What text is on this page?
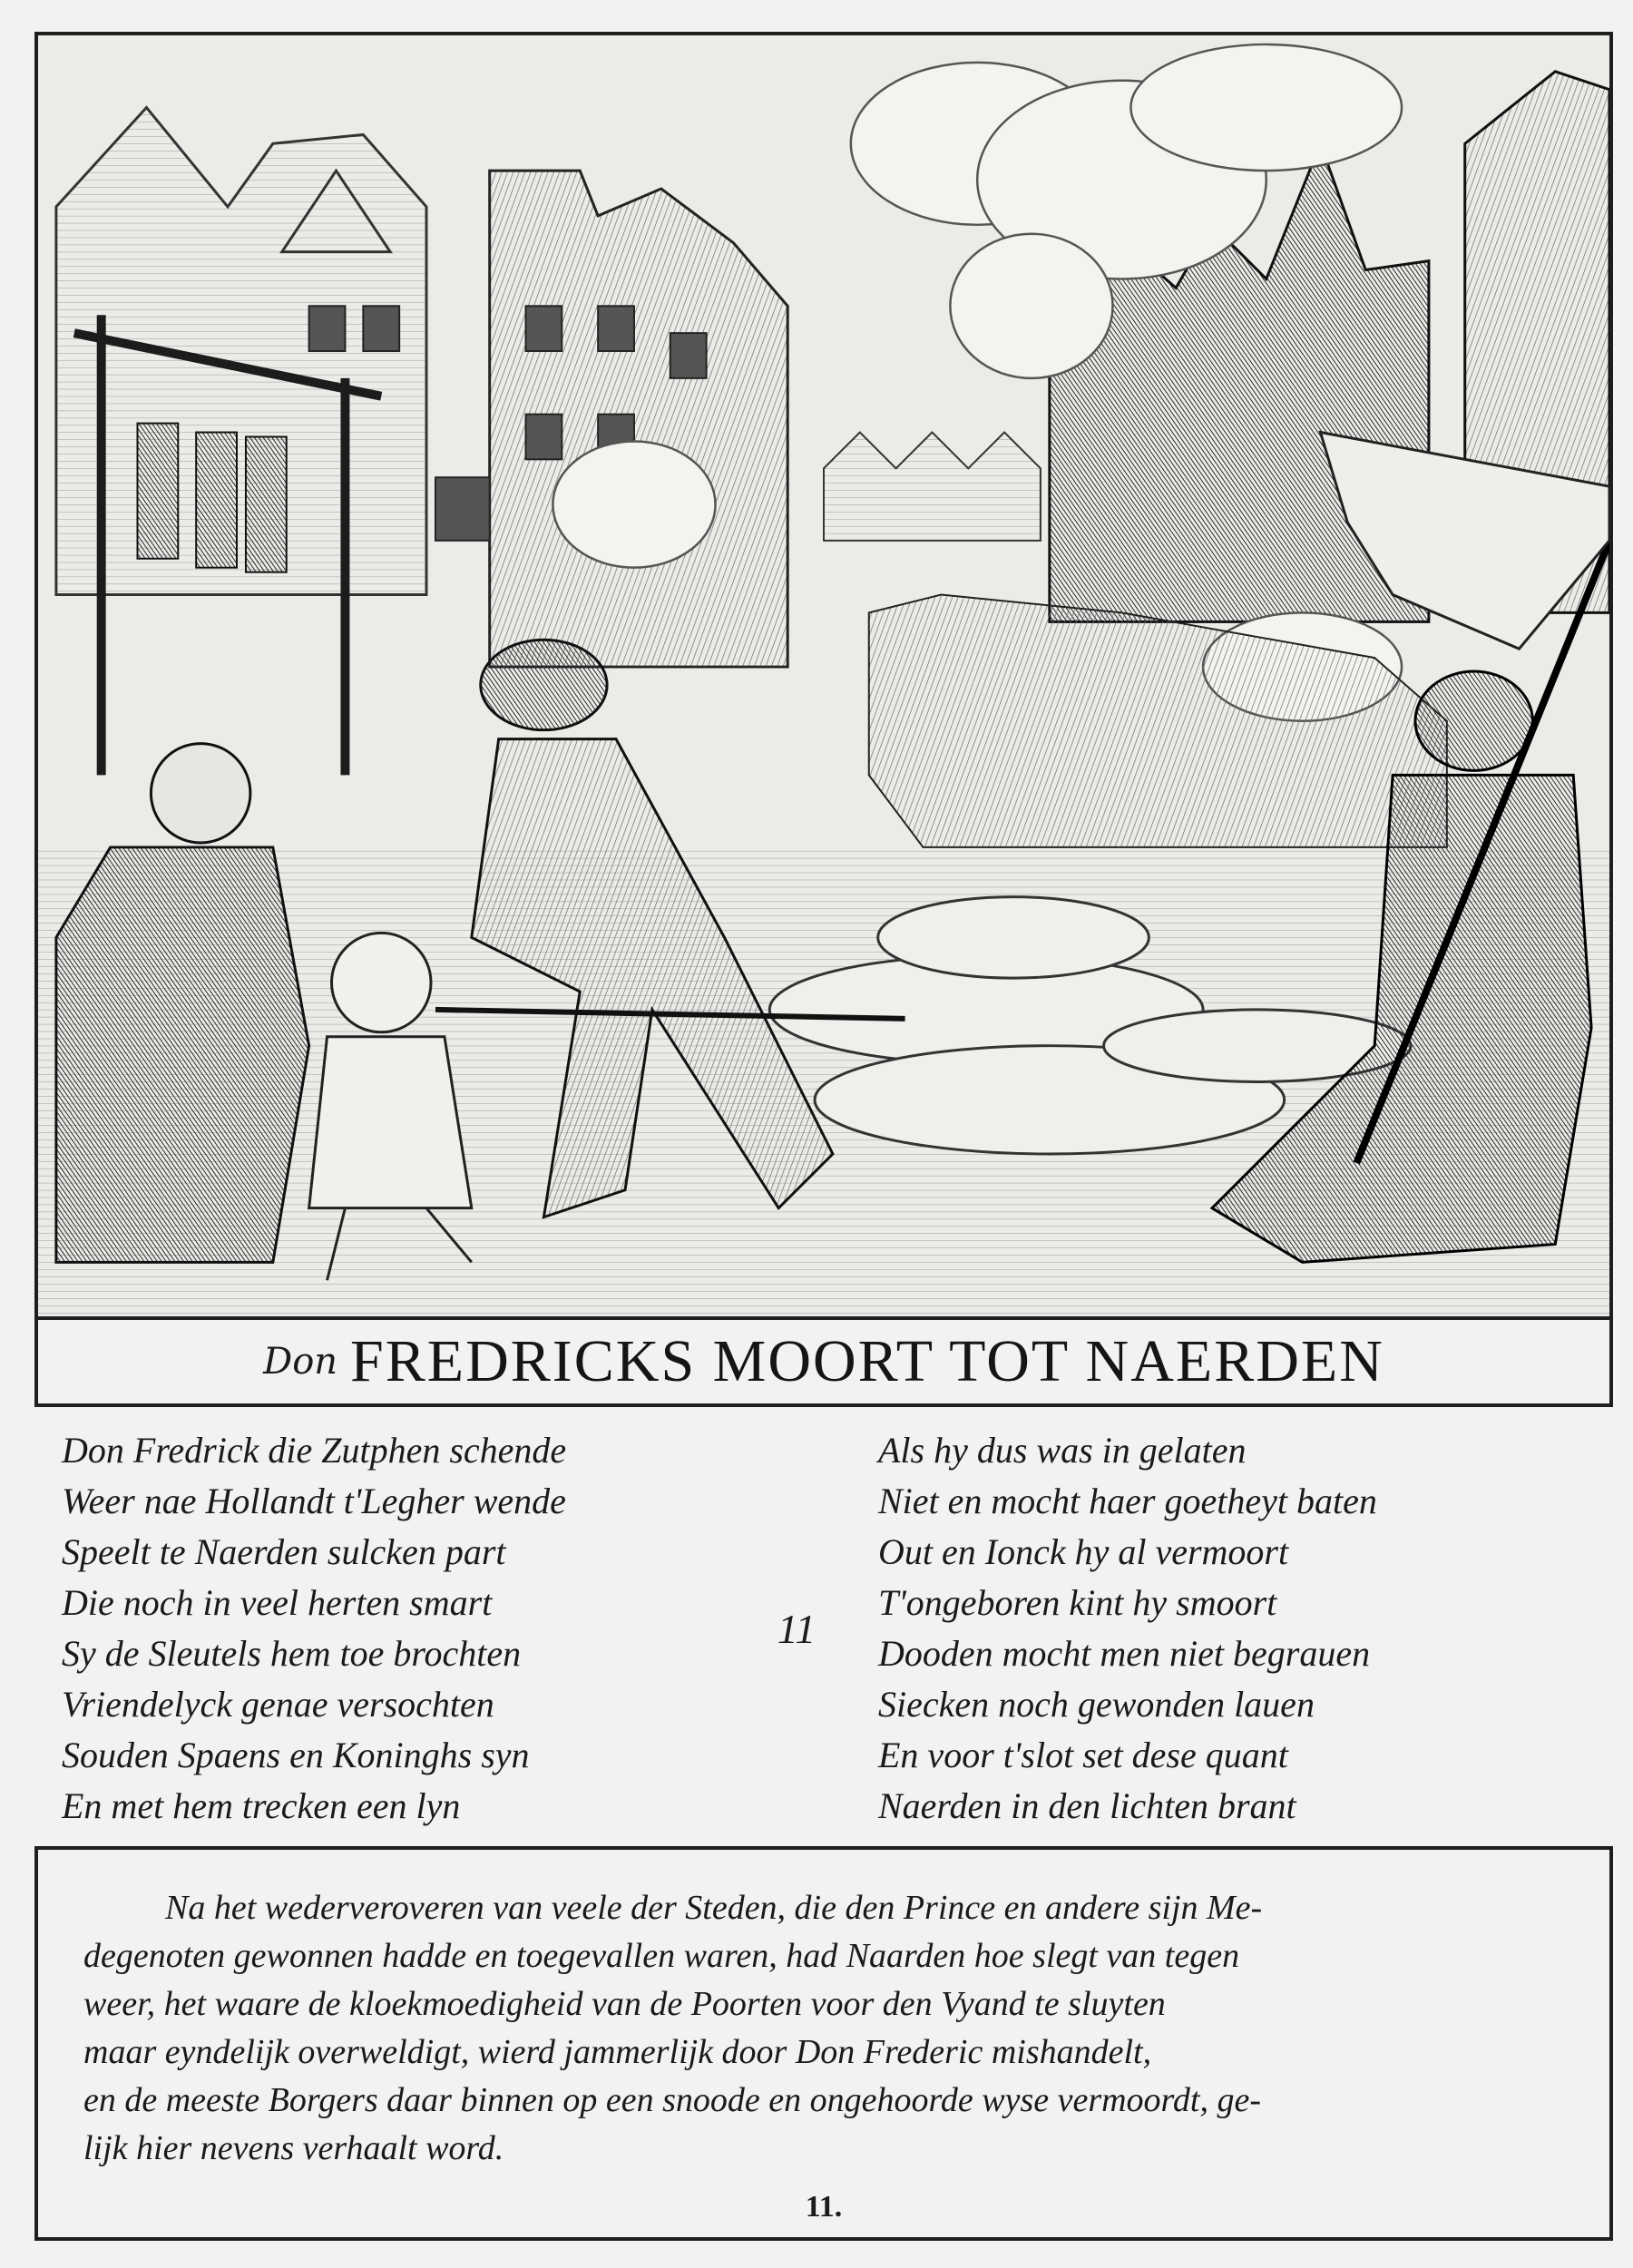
Don FREDRICKS MOORT TOT NAERDEN
Don Fredrick die Zutphen schende
Weer nae Hollandt t'Legher wende
Speelt te Naerden sulcken part
Die noch in veel herten smart
Sy de Sleutels hem toe brochten
Vriendelyck genae versochten
Souden Spaens en Koninghs syn
En met hem trecken een lyn
11
Als hy dus was in gelaten
Niet en mocht haer goetheyt baten
Out en Ionck hy al vermoort
T'ongeboren kint hy smoort
Dooden mocht men niet begrauen
Siecken noch gewonden lauen
En voor t'slot set dese quant
Naerden in den lichten brant
Na het wederveroveren van veele der Steden, die den Prince en andere sijn Me-
degenoten gewonnen hadde en toegevallen waren, had Naarden hoe slegt van tegen
weer, het waare de kloekmoedigheid van de Poorten voor den Vyand te sluyten
maar eyndelijk overweldigt, wierd jammerlijk door Don Frederic mishandelt,
en de meeste Borgers daar binnen op een snoode en ongehoorde wyse vermoordt, ge-
lijk hier nevens verhaalt word.
11.
